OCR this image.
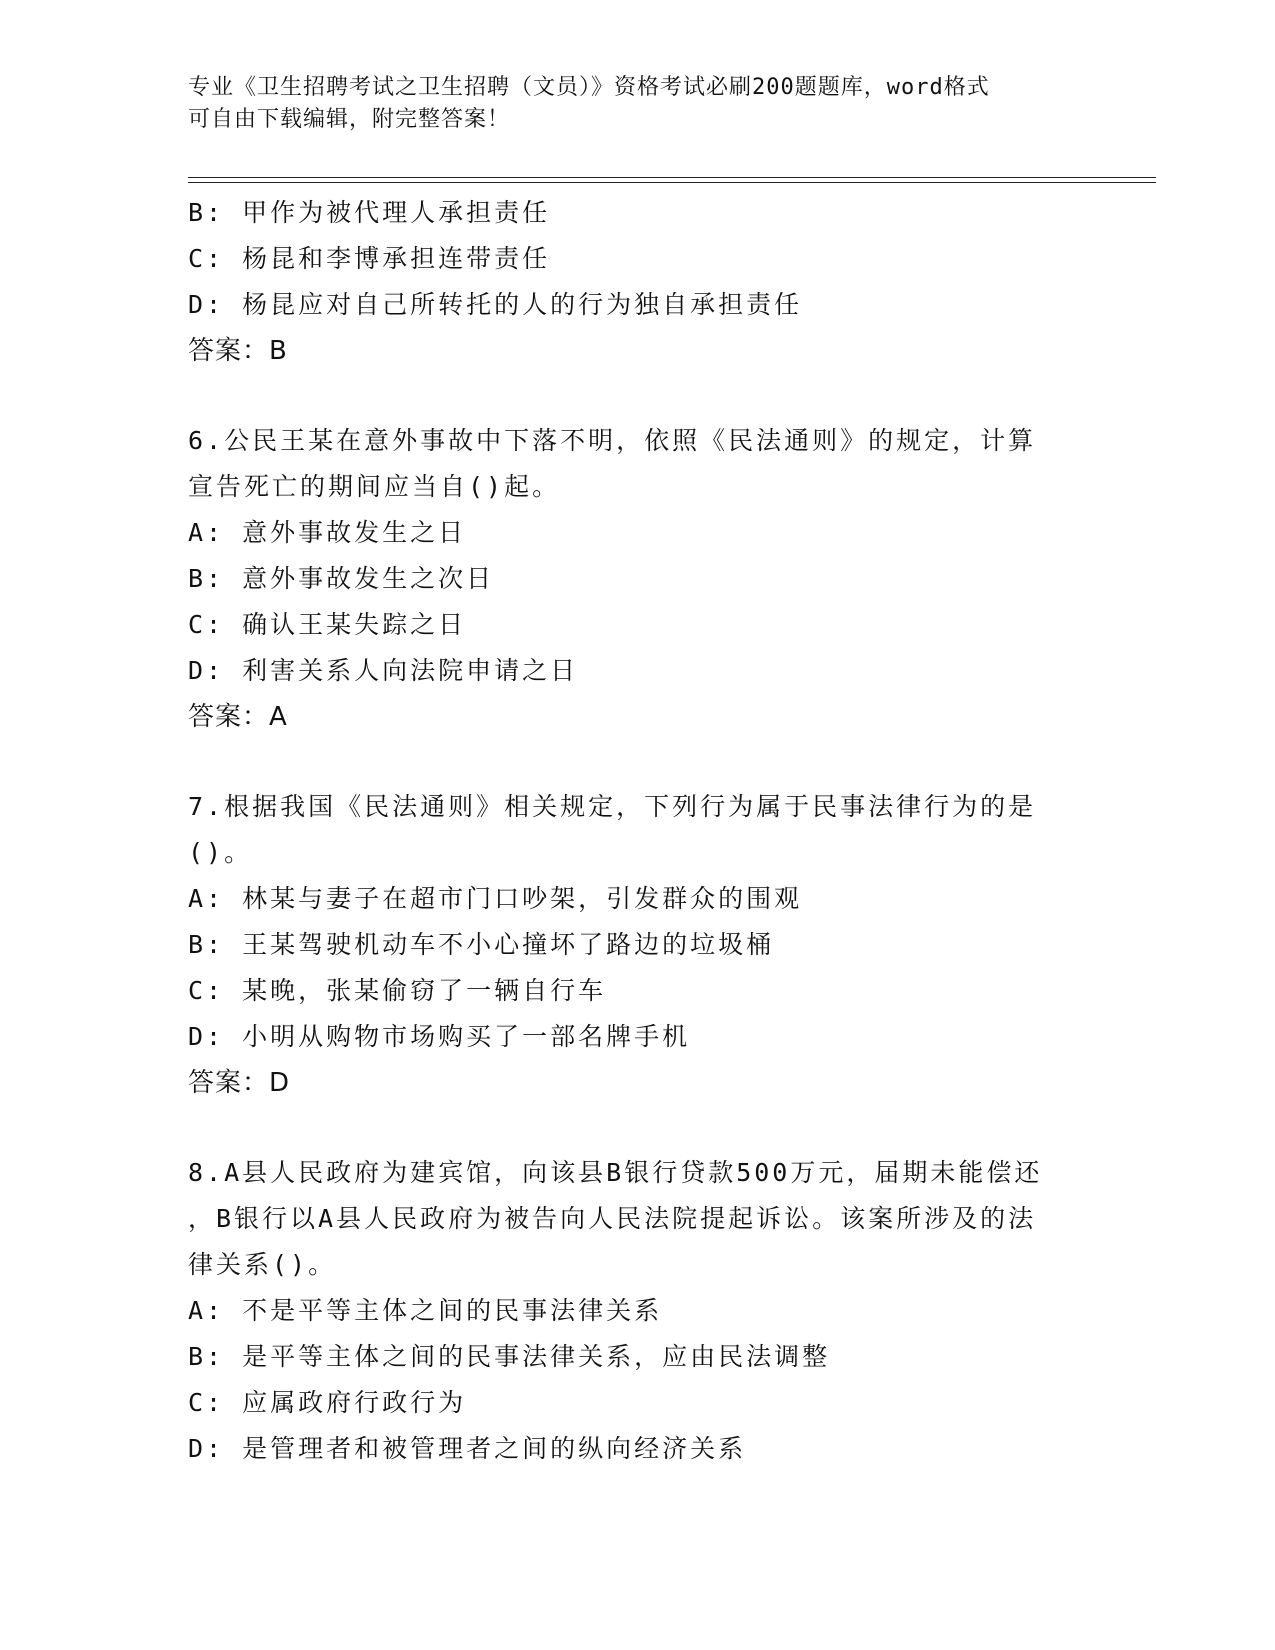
专业《卫生招聘考试之卫生招聘（文员）》资格考试必刷200题题库，word格式
可自由下载编辑，附完整答案！
B: 甲作为被代理人承担责任
C: 杨昆和李博承担连带责任
D: 杨昆应对自己所转托的人的行为独自承担责任
答案：B
6.公民王某在意外事故中下落不明，依照《民法通则》的规定，计算
宣告死亡的期间应当自()起。
A: 意外事故发生之日
B: 意外事故发生之次日
C: 确认王某失踪之日
D: 利害关系人向法院申请之日
答案：A
7.根据我国《民法通则》相关规定，下列行为属于民事法律行为的是
()。
A: 林某与妻子在超市门口吵架，引发群众的围观
B: 王某驾驶机动车不小心撞坏了路边的垃圾桶
C: 某晚，张某偷窃了一辆自行车
D: 小明从购物市场购买了一部名牌手机
答案：D
8.A县人民政府为建宾馆，向该县B银行贷款500万元，届期未能偿还
，B银行以A县人民政府为被告向人民法院提起诉讼。该案所涉及的法
律关系()。
A: 不是平等主体之间的民事法律关系
B: 是平等主体之间的民事法律关系，应由民法调整
C: 应属政府行政行为
D: 是管理者和被管理者之间的纵向经济关系
